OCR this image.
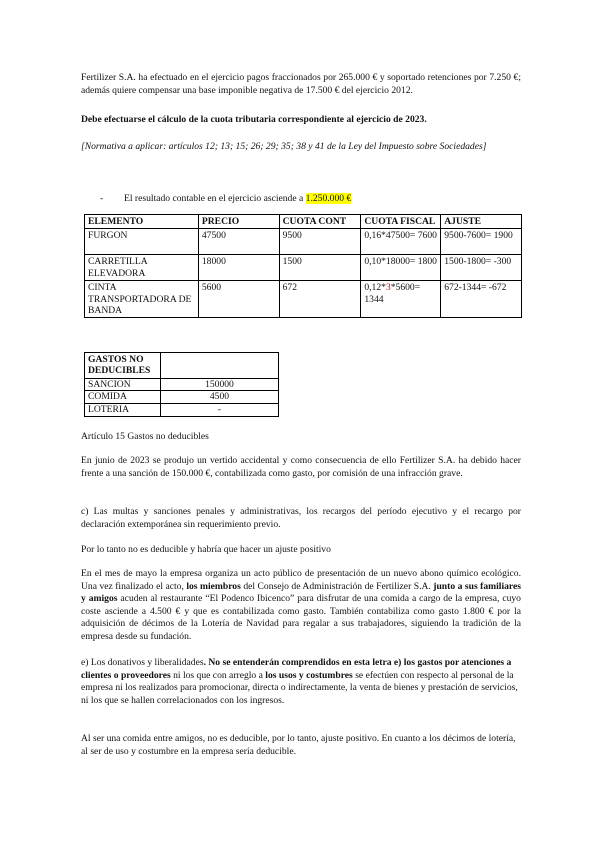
Fertilizer S.A. ha efectuado en el ejercicio pagos fraccionados por 265.000 € y soportado retenciones por 7.250 €; además quiere compensar una base imponible negativa de 17.500 € del ejercicio 2012.

Debe efectuarse el cálculo de la cuota tributaria correspondiente al ejercicio de 2023.

[Normativa a aplicar: artículos 12; 13; 15; 26; 29; 35; 38 y 41 de la Ley del Impuesto sobre Sociedades]

- El resultado contable en el ejercicio asciende a 1.250.000 €

ELEMENTO	PRECIO	CUOTA CONT	CUOTA FISCAL	AJUSTE
FURGON	47500	9500	0,16*47500= 7600	9500-7600= 1900
CARRETILLA ELEVADORA	18000	1500	0,10*18000= 1800	1500-1800= -300
CINTA TRANSPORTADORA DE BANDA	5600	672	0,12*3*5600= 1344	672-1344= -672
GASTOS NO DEDUCIBLES	
SANCION	150000
COMIDA	4500
LOTERIA	-

Artículo 15 Gastos no deducibles

En junio de 2023 se produjo un vertido accidental y como consecuencia de ello Fertilizer S.A. ha debido hacer frente a una sanción de 150.000 €, contabilizada como gasto, por comisión de una infracción grave.

c) Las multas y sanciones penales y administrativas, los recargos del período ejecutivo y el recargo por declaración extemporánea sin requerimiento previo.

Por lo tanto no es deducible y habría que hacer un ajuste positivo

En el mes de mayo la empresa organiza un acto público de presentación de un nuevo abono químico ecológico. Una vez finalizado el acto, los miembros del Consejo de Administración de Fertilizer S.A. junto a sus familiares y amigos acuden al restaurante “El Podenco Ibicenco” para disfrutar de una comida a cargo de la empresa, cuyo coste asciende a 4.500 € y que es contabilizada como gasto. También contabiliza como gasto 1.800 € por la adquisición de décimos de la Lotería de Navidad para regalar a sus trabajadores, siguiendo la tradición de la empresa desde su fundación.

e) Los donativos y liberalidades. No se entenderán comprendidos en esta letra e) los gastos por atenciones a clientes o proveedores ni los que con arreglo a los usos y costumbres se efectúen con respecto al personal de la empresa ni los realizados para promocionar, directa o indirectamente, la venta de bienes y prestación de servicios, ni los que se hallen correlacionados con los ingresos.

Al ser una comida entre amigos, no es deducible, por lo tanto, ajuste positivo. En cuanto a los décimos de lotería, al ser de uso y costumbre en la empresa sería deducible.
